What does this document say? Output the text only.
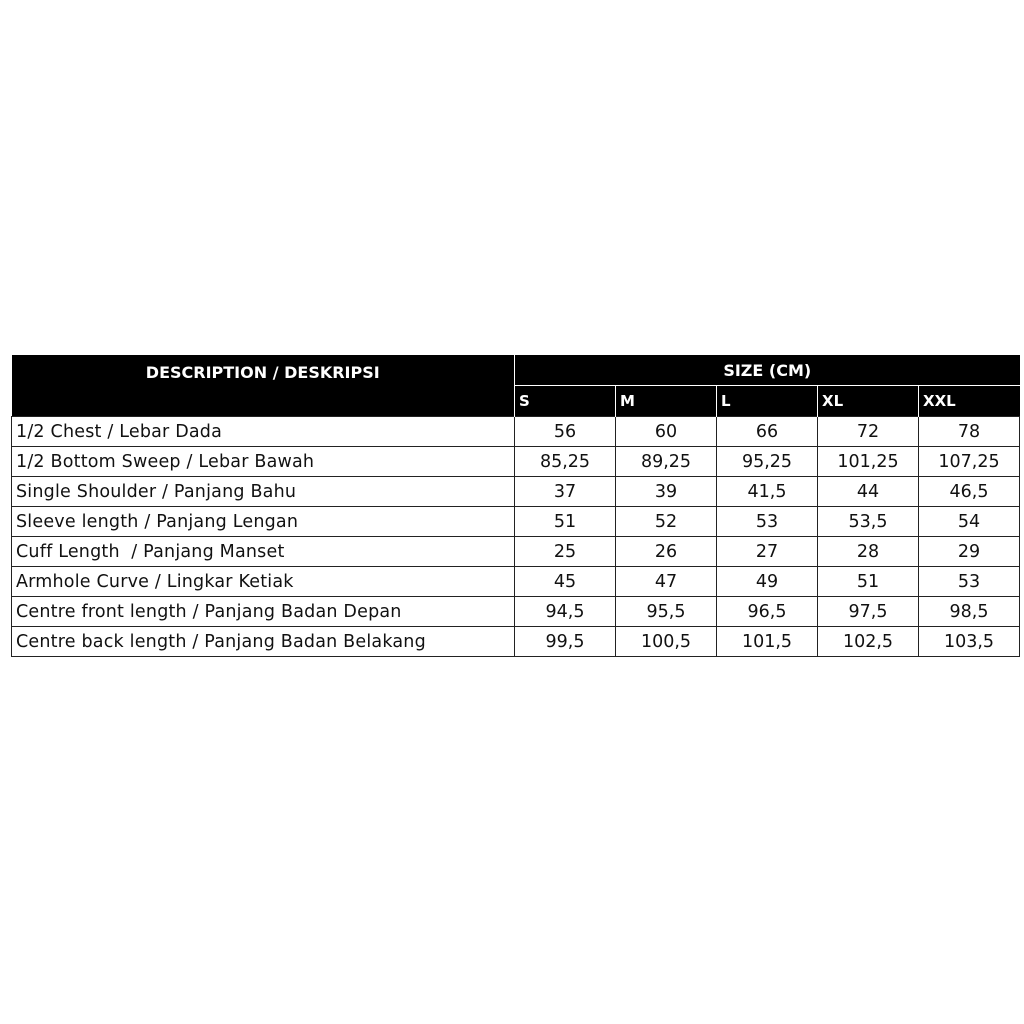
DESCRIPTION / DESKRIPSI	SIZE (CM)				
	S	M	L	XL	XXL
1/2 Chest / Lebar Dada	56	60	66	72	78
1/2 Bottom Sweep / Lebar Bawah	85,25	89,25	95,25	101,25	107,25
Single Shoulder / Panjang Bahu	37	39	41,5	44	46,5
Sleeve length / Panjang Lengan	51	52	53	53,5	54
Cuff Length  / Panjang Manset	25	26	27	28	29
Armhole Curve / Lingkar Ketiak	45	47	49	51	53
Centre front length / Panjang Badan Depan	94,5	95,5	96,5	97,5	98,5
Centre back length / Panjang Badan Belakang	99,5	100,5	101,5	102,5	103,5
